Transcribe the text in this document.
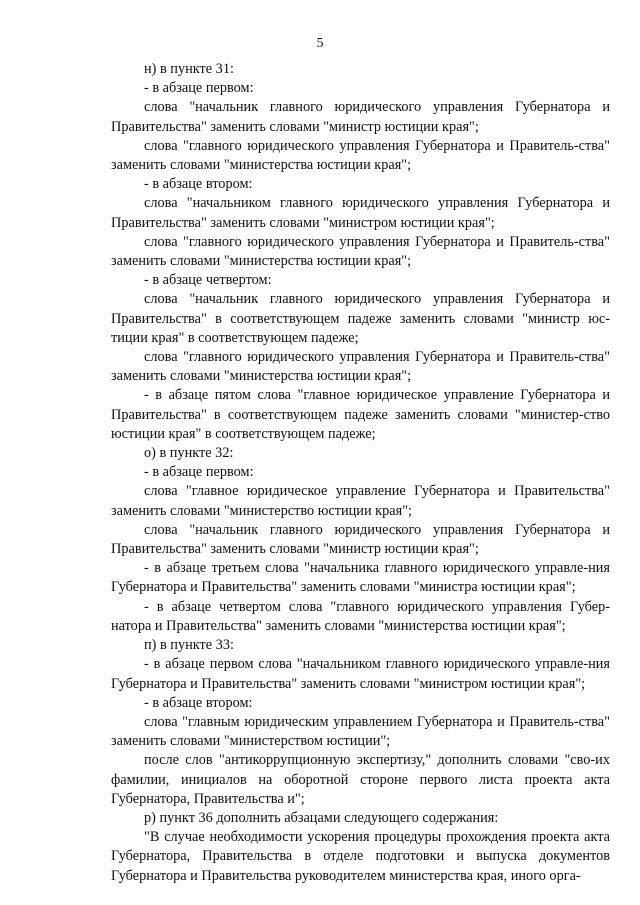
5

н) в пункте 31:

- в абзаце первом:

слова "начальник главного юридического управления Губернатора и Правительства" заменить словами "министр юстиции края";

слова "главного юридического управления Губернатора и Правитель-ства" заменить словами "министерства юстиции края";

- в абзаце втором:

слова "начальником главного юридического управления Губернатора и Правительства" заменить словами "министром юстиции края";

слова "главного юридического управления Губернатора и Правитель-ства" заменить словами "министерства юстиции края";

- в абзаце четвертом:

слова "начальник главного юридического управления Губернатора и Правительства" в соответствующем падеже заменить словами "министр юс-тиции края" в соответствующем падеже;

слова "главного юридического управления Губернатора и Правитель-ства" заменить словами "министерства юстиции края";

- в абзаце пятом слова "главное юридическое управление Губернатора и Правительства" в соответствующем падеже заменить словами "министер-ство юстиции края" в соответствующем падеже;

о) в пункте 32:

- в абзаце первом:

слова "главное юридическое управление Губернатора и Правительства" заменить словами "министерство юстиции края";

слова "начальник главного юридического управления Губернатора и Правительства" заменить словами "министр юстиции края";

- в абзаце третьем слова "начальника главного юридического управле-ния Губернатора и Правительства" заменить словами "министра юстиции края";

- в абзаце четвертом слова "главного юридического управления Губер-натора и Правительства" заменить словами "министерства юстиции края";

п) в пункте 33:

- в абзаце первом слова "начальником главного юридического управле-ния Губернатора и Правительства" заменить словами "министром юстиции края";

- в абзаце втором:

слова "главным юридическим управлением Губернатора и Правитель-ства" заменить словами "министерством юстиции";

после слов "антикоррупционную экспертизу," дополнить словами "сво-их фамилии, инициалов на оборотной стороне первого листа проекта акта Губернатора, Правительства и";

р) пункт 36 дополнить абзацами следующего содержания:

"В случае необходимости ускорения процедуры прохождения проекта акта Губернатора, Правительства в отделе подготовки и выпуска документов Губернатора и Правительства руководителем министерства края, иного орга-
